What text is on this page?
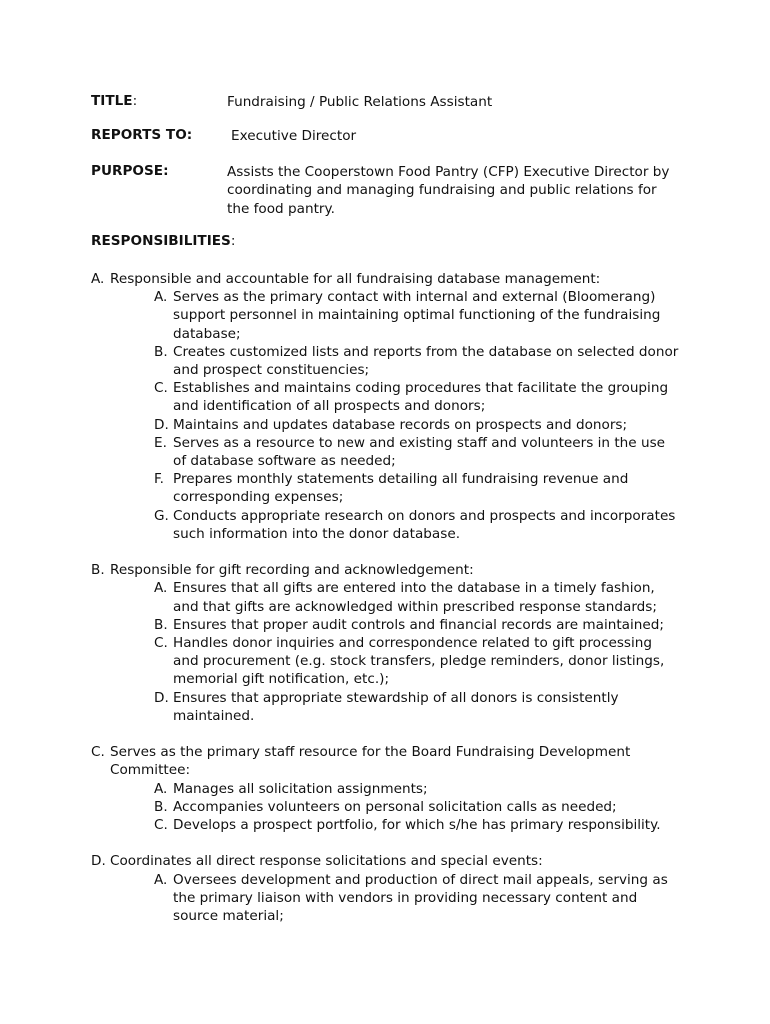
TITLE:	Fundraising / Public Relations Assistant
REPORTS TO:	Executive Director
PURPOSE:	Assists the Cooperstown Food Pantry (CFP) Executive Director by coordinating and managing fundraising and public relations for the food pantry.
RESPONSIBILITIES:
A. Responsible and accountable for all fundraising database management:
A. Serves as the primary contact with internal and external (Bloomerang) support personnel in maintaining optimal functioning of the fundraising database;
B. Creates customized lists and reports from the database on selected donor and prospect constituencies;
C. Establishes and maintains coding procedures that facilitate the grouping and identification of all prospects and donors;
D. Maintains and updates database records on prospects and donors;
E. Serves as a resource to new and existing staff and volunteers in the use of database software as needed;
F. Prepares monthly statements detailing all fundraising revenue and corresponding expenses;
G. Conducts appropriate research on donors and prospects and incorporates such information into the donor database.
B. Responsible for gift recording and acknowledgement:
A. Ensures that all gifts are entered into the database in a timely fashion, and that gifts are acknowledged within prescribed response standards;
B. Ensures that proper audit controls and financial records are maintained;
C. Handles donor inquiries and correspondence related to gift processing and procurement (e.g. stock transfers, pledge reminders, donor listings, memorial gift notification, etc.);
D. Ensures that appropriate stewardship of all donors is consistently maintained.
C. Serves as the primary staff resource for the Board Fundraising Development Committee:
A. Manages all solicitation assignments;
B. Accompanies volunteers on personal solicitation calls as needed;
C. Develops a prospect portfolio, for which s/he has primary responsibility.
D. Coordinates all direct response solicitations and special events:
A. Oversees development and production of direct mail appeals, serving as the primary liaison with vendors in providing necessary content and source material;
